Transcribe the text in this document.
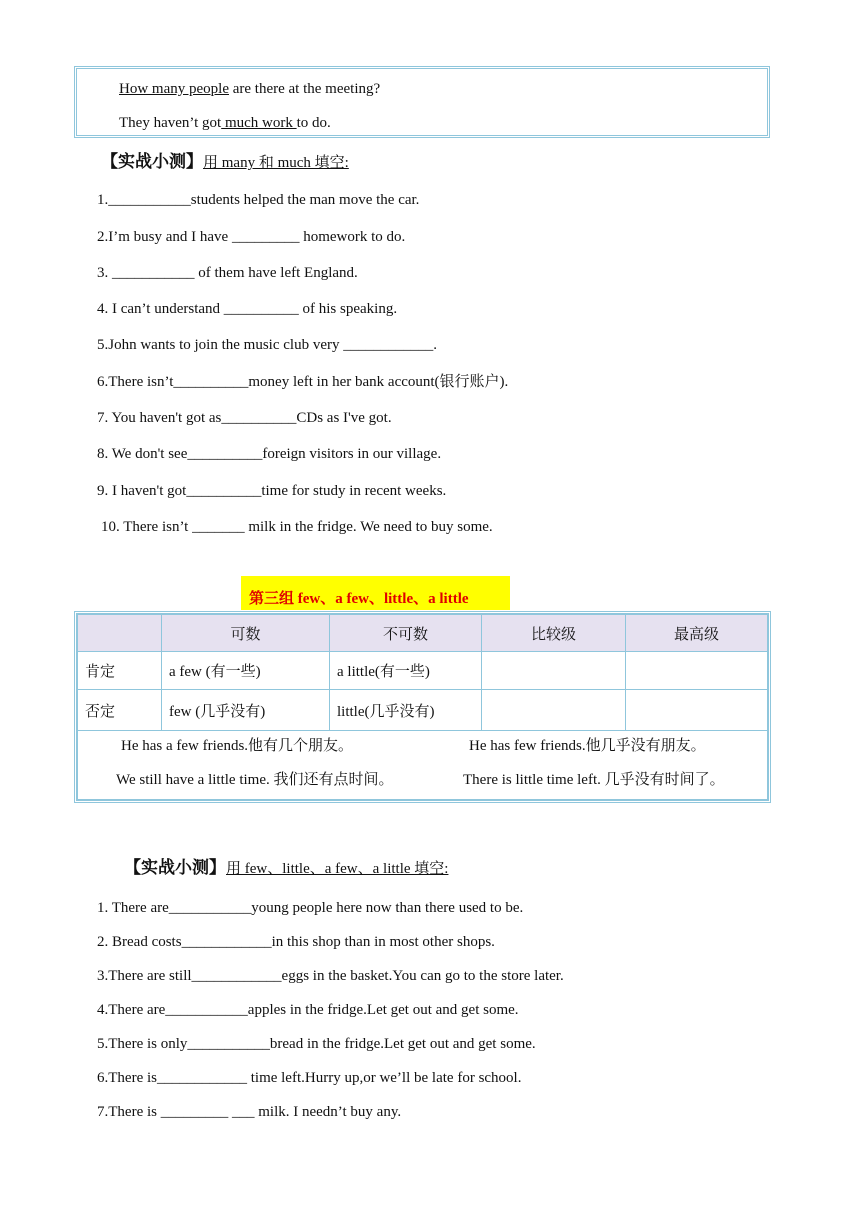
How many people are there at the meeting?
They haven’t got much work to do.
【实战小测】用 many 和 much 填空:
1.___________students helped the man move the car.
2.I’m busy and I have _________ homework to do.
3. ___________ of them have left England.
4. I can’t understand __________ of his speaking.
5.John wants to join the music club very ____________.
6.There isn’t__________money left in her bank account(银行账户).
7. You haven't got as__________CDs as I've got.
8. We don't see__________foreign visitors in our village.
9. I haven't got__________time for study in recent weeks.
10. There isn’t _______ milk in the fridge. We need to buy some.
第三组 few、a few、little、a little
	可数	不可数	比较级	最高级
肯定	a few (有一些)	a little(有一些)		
否定	few (几乎没有)	little(几乎没有)		

He has a few friends.他有几个朋友。 He has few friends.他几乎没有朋友。
We still have a little time. 我们还有点时间。 There is little time left. 几乎没有时间了。				
【实战小测】用 few、little、a few、a little 填空:
1. There are___________young people here now than there used to be.
2. Bread costs____________in this shop than in most other shops.
3.There are still____________eggs in the basket.You can go to the store later.
4.There are___________apples in the fridge.Let get out and get some.
5.There is only___________bread in the fridge.Let get out and get some.
6.There is____________ time left.Hurry up,or we’ll be late for school.
7.There is _________ ___ milk. I needn’t buy any.
